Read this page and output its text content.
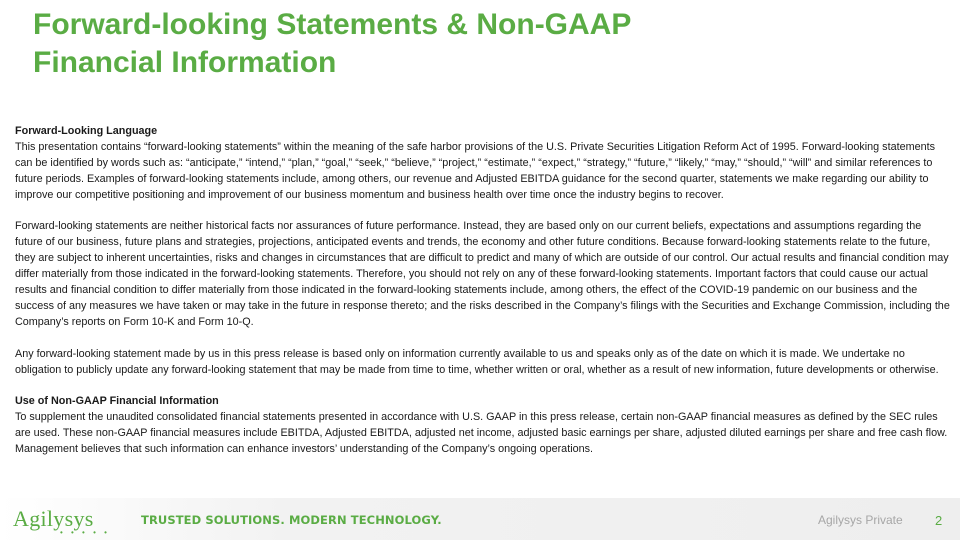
Forward-looking Statements & Non-GAAP
Financial Information
Forward-Looking Language

This presentation contains “forward-looking statements” within the meaning of the safe harbor provisions of the U.S. Private Securities Litigation Reform Act of 1995. Forward-looking statements can be identified by words such as: “anticipate,” “intend,” “plan,” “goal,” “seek,” “believe,” “project,” “estimate,” “expect,” “strategy,” “future,” “likely,” “may,” “should,” “will” and similar references to future periods. Examples of forward-looking statements include, among others, our revenue and Adjusted EBITDA guidance for the second quarter, statements we make regarding our ability to improve our competitive positioning and improvement of our business momentum and business health over time once the industry begins to recover.

Forward-looking statements are neither historical facts nor assurances of future performance. Instead, they are based only on our current beliefs, expectations and assumptions regarding the future of our business, future plans and strategies, projections, anticipated events and trends, the economy and other future conditions. Because forward-looking statements relate to the future, they are subject to inherent uncertainties, risks and changes in circumstances that are difficult to predict and many of which are outside of our control. Our actual results and financial condition may differ materially from those indicated in the forward-looking statements. Therefore, you should not rely on any of these forward-looking statements. Important factors that could cause our actual results and financial condition to differ materially from those indicated in the forward-looking statements include, among others, the effect of the COVID-19 pandemic on our business and the success of any measures we have taken or may take in the future in response thereto; and the risks described in the Company’s filings with the Securities and Exchange Commission, including the Company’s reports on Form 10-K and Form 10-Q.

Any forward-looking statement made by us in this press release is based only on information currently available to us and speaks only as of the date on which it is made. We undertake no obligation to publicly update any forward-looking statement that may be made from time to time, whether written or oral, whether as a result of new information, future developments or otherwise.

Use of Non-GAAP Financial Information

To supplement the unaudited consolidated financial statements presented in accordance with U.S. GAAP in this press release, certain non-GAAP financial measures as defined by the SEC rules are used. These non-GAAP financial measures include EBITDA, Adjusted EBITDA, adjusted net income, adjusted basic earnings per share, adjusted diluted earnings per share and free cash flow. Management believes that such information can enhance investors’ understanding of the Company’s ongoing operations.

Agilysys
• • • • •
TRUSTED SOLUTIONS. MODERN TECHNOLOGY.	Agilysys Private 2
